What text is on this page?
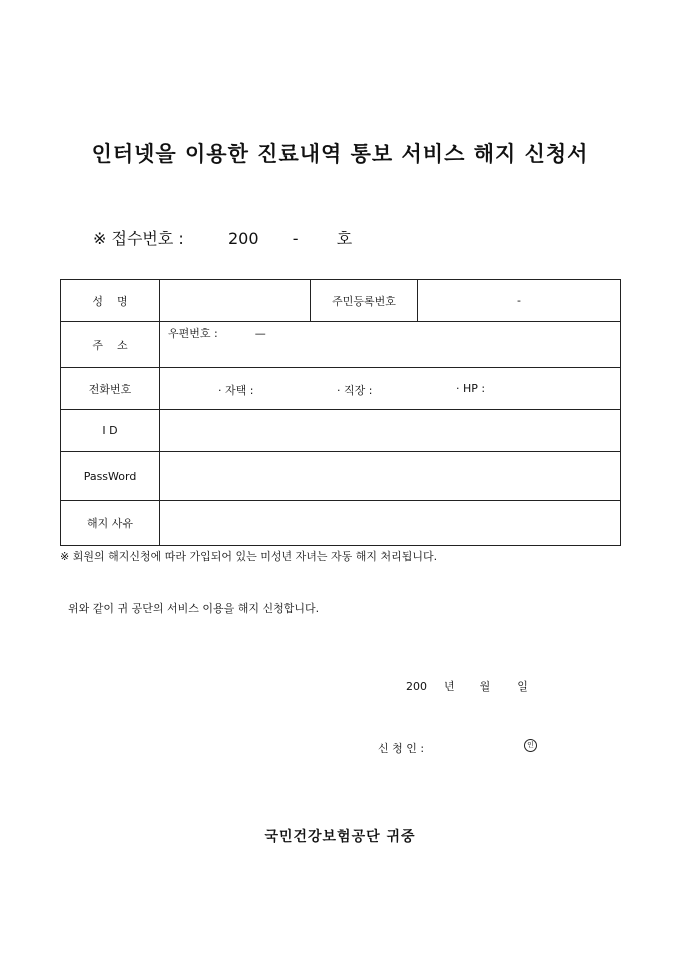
인터넷을 이용한 진료내역 통보 서비스 해지 신청서
※ 접수번호 :	200 - 호
성    명		주민등록번호	-
주    소	우편번호 : —		

전화번호	· 자택 : · 직장 : · HP :		

I D			
PassWord			
해지 사유			
※ 회원의 해지신청에 따라 가입되어 있는 미성년 자녀는 자동 해지 처리됩니다.
위와 같이 귀 공단의 서비스 이용을 해지 신청합니다.
200 년 월 일
신 청 인 :	인
국민건강보험공단 귀중
